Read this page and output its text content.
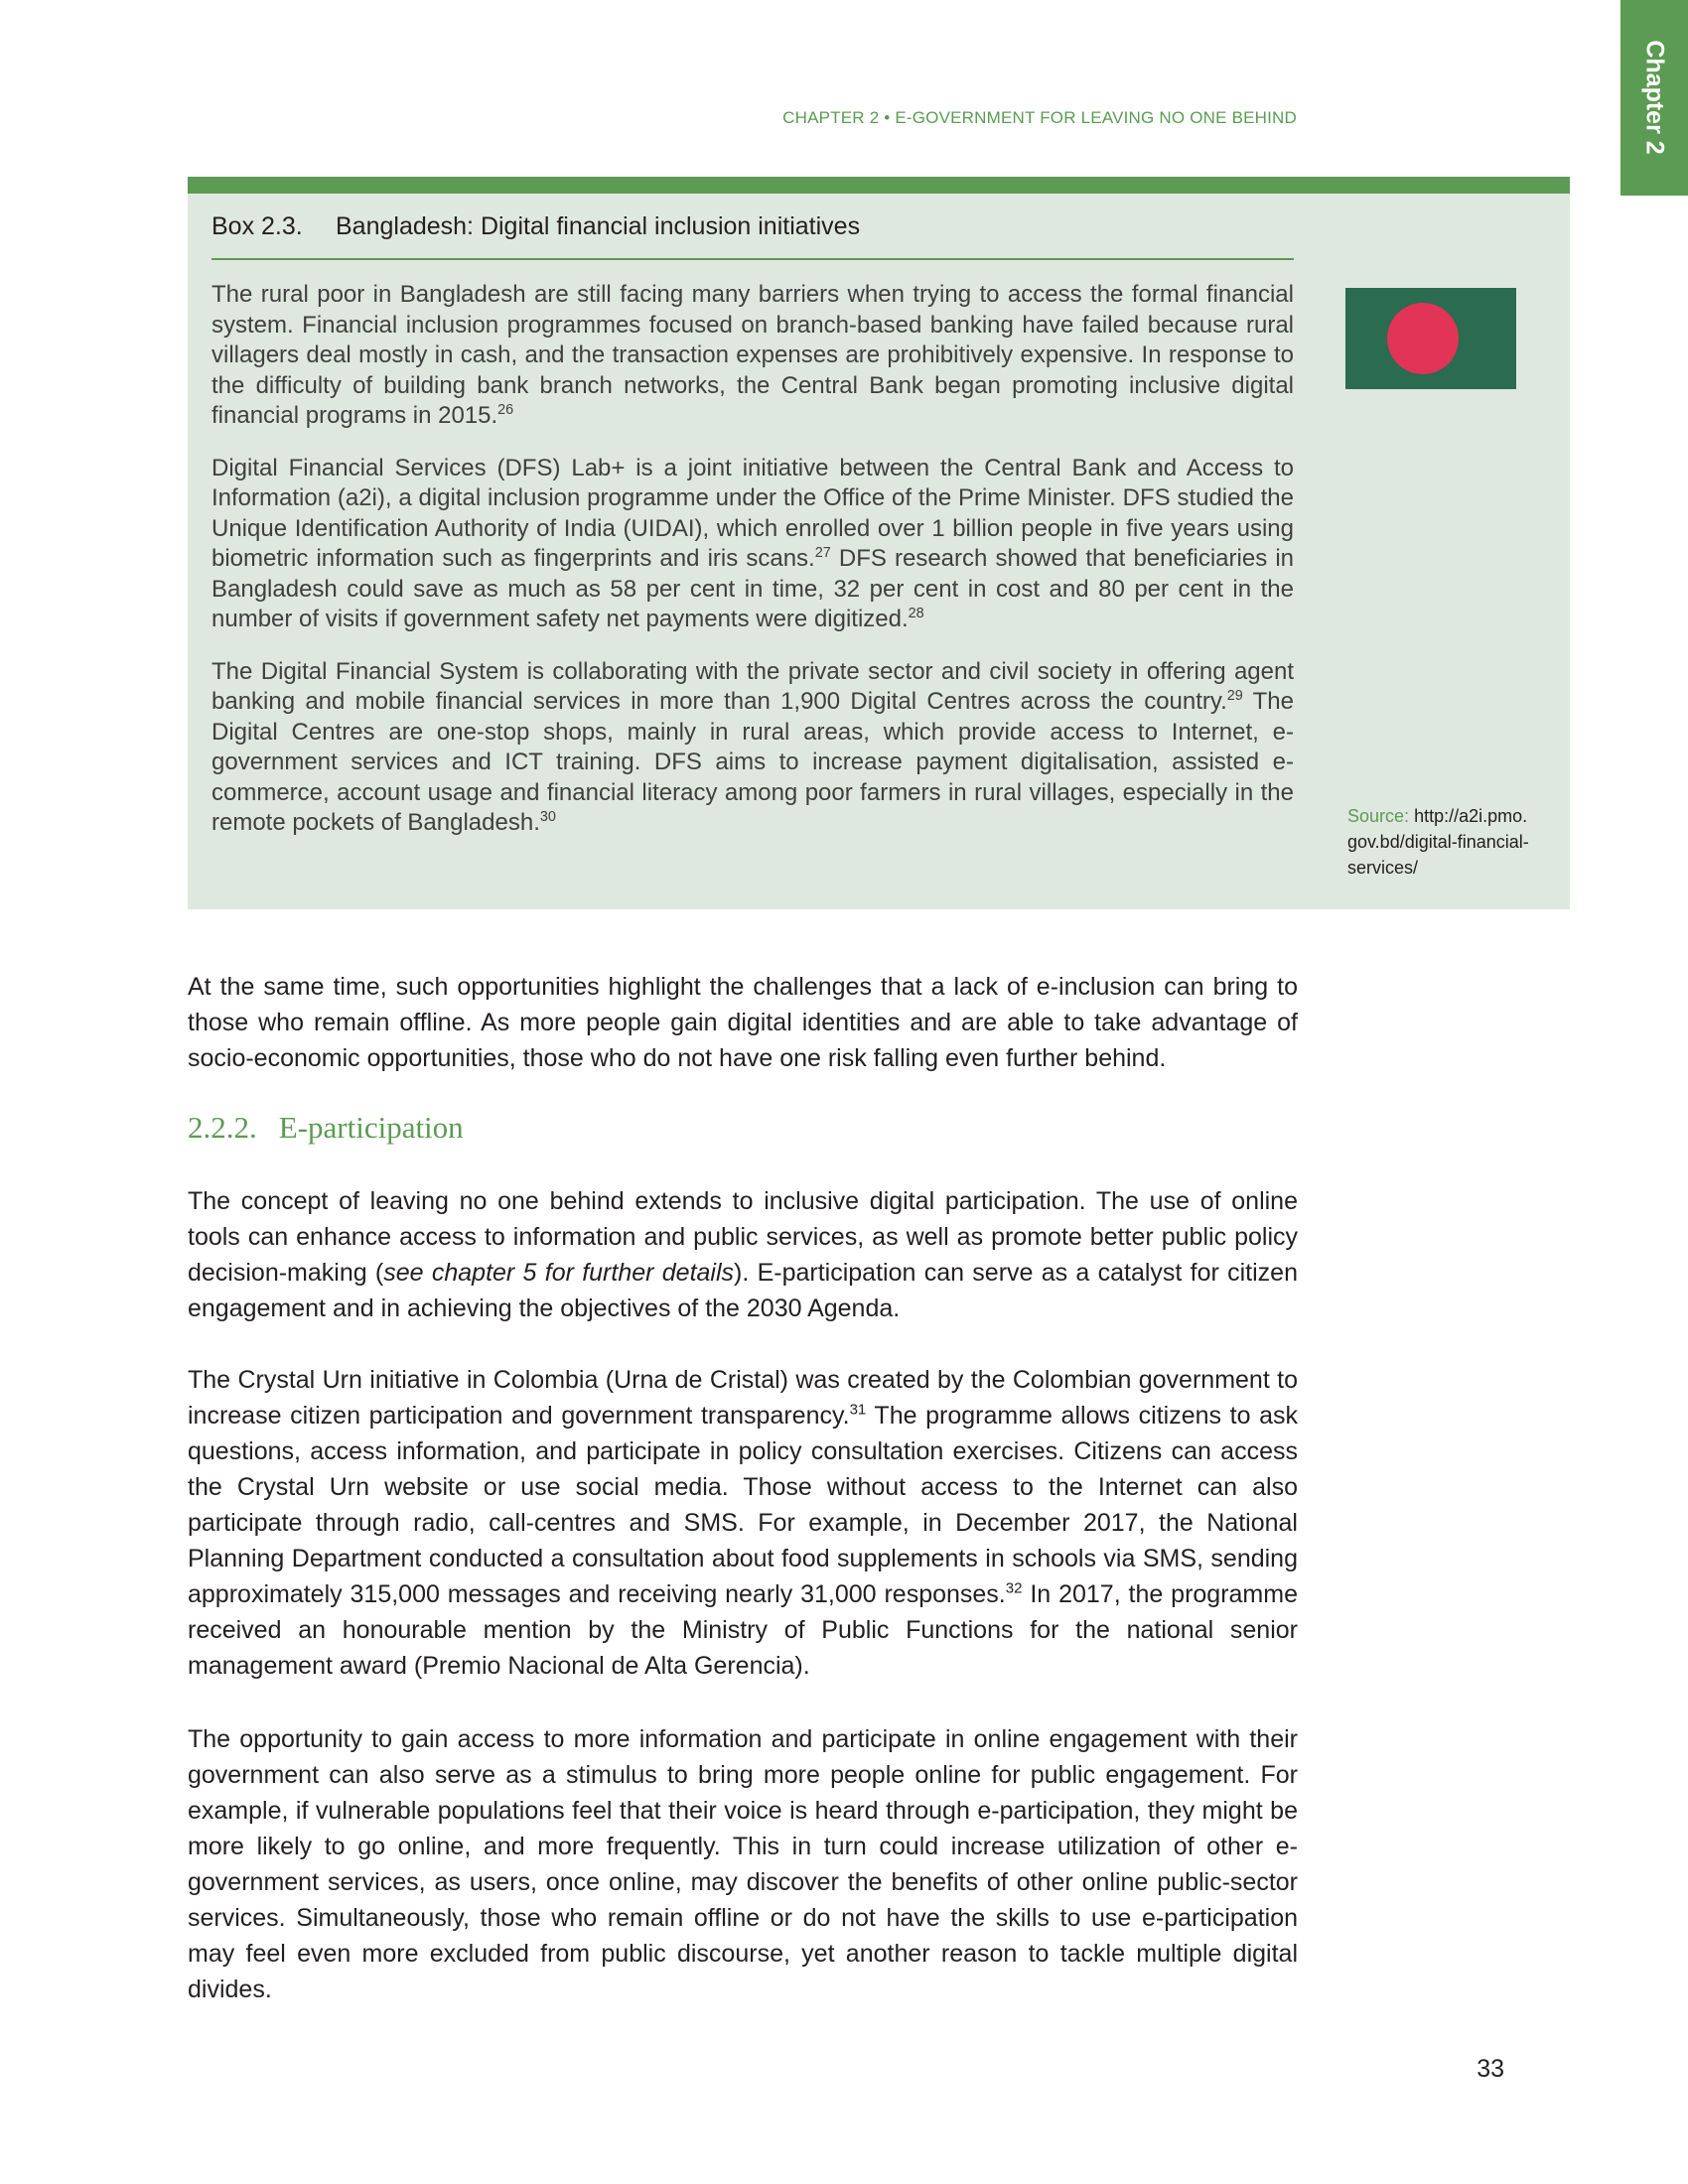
Chapter 2
CHAPTER 2 • E-GOVERNMENT FOR LEAVING NO ONE BEHIND
Box 2.3. Bangladesh: Digital financial inclusion initiatives

The rural poor in Bangladesh are still facing many barriers when trying to access the formal financial system. Financial inclusion programmes focused on branch-based banking have failed because rural villagers deal mostly in cash, and the transaction expenses are prohibitively expensive. In response to the difficulty of building bank branch networks, the Central Bank began promoting inclusive digital financial programs in 2015.26

Digital Financial Services (DFS) Lab+ is a joint initiative between the Central Bank and Access to Information (a2i), a digital inclusion programme under the Office of the Prime Minister. DFS studied the Unique Identification Authority of India (UIDAI), which enrolled over 1 billion people in five years using biometric information such as fingerprints and iris scans.$^{27}$ DFS research showed that beneficiaries in Bangladesh could save as much as 58 per cent in time, 32 per cent in cost and 80 per cent in the number of visits if government safety net payments were digitized.$^{28}$

The Digital Financial System is collaborating with the private sector and civil society in offering agent banking and mobile financial services in more than 1,900 Digital Centres across the country.$^{29}$ The Digital Centres are one-stop shops, mainly in rural areas, which provide access to Internet, e-government services and ICT training. DFS aims to increase payment digitalisation, assisted e-commerce, account usage and financial literacy among poor farmers in rural villages, especially in the remote pockets of Bangladesh.$^{30}$	Source: http://a2i.pmo.gov.bd/digital-financial-services/

At the same time, such opportunities highlight the challenges that a lack of e-inclusion can bring to those who remain offline. As more people gain digital identities and are able to take advantage of socio-economic opportunities, those who do not have one risk falling even further behind.

2.2.2. E-participation

The concept of leaving no one behind extends to inclusive digital participation. The use of online tools can enhance access to information and public services, as well as promote better public policy decision-making (see chapter 5 for further details). E-participation can serve as a catalyst for citizen engagement and in achieving the objectives of the 2030 Agenda.

The Crystal Urn initiative in Colombia (Urna de Cristal) was created by the Colombian government to increase citizen participation and government transparency.$^{31}$ The programme allows citizens to ask questions, access information, and participate in policy consultation exercises. Citizens can access the Crystal Urn website or use social media. Those without access to the Internet can also participate through radio, call-centres and SMS. For example, in December 2017, the National Planning Department conducted a consultation about food supplements in schools via SMS, sending approximately 315,000 messages and receiving nearly 31,000 responses.$^{32}$ In 2017, the programme received an honourable mention by the Ministry of Public Functions for the national senior management award (Premio Nacional de Alta Gerencia).

The opportunity to gain access to more information and participate in online engagement with their government can also serve as a stimulus to bring more people online for public engagement. For example, if vulnerable populations feel that their voice is heard through e-participation, they might be more likely to go online, and more frequently. This in turn could increase utilization of other e-government services, as users, once online, may discover the benefits of other online public-sector services. Simultaneously, those who remain offline or do not have the skills to use e-participation may feel even more excluded from public discourse, yet another reason to tackle multiple digital divides.

33
